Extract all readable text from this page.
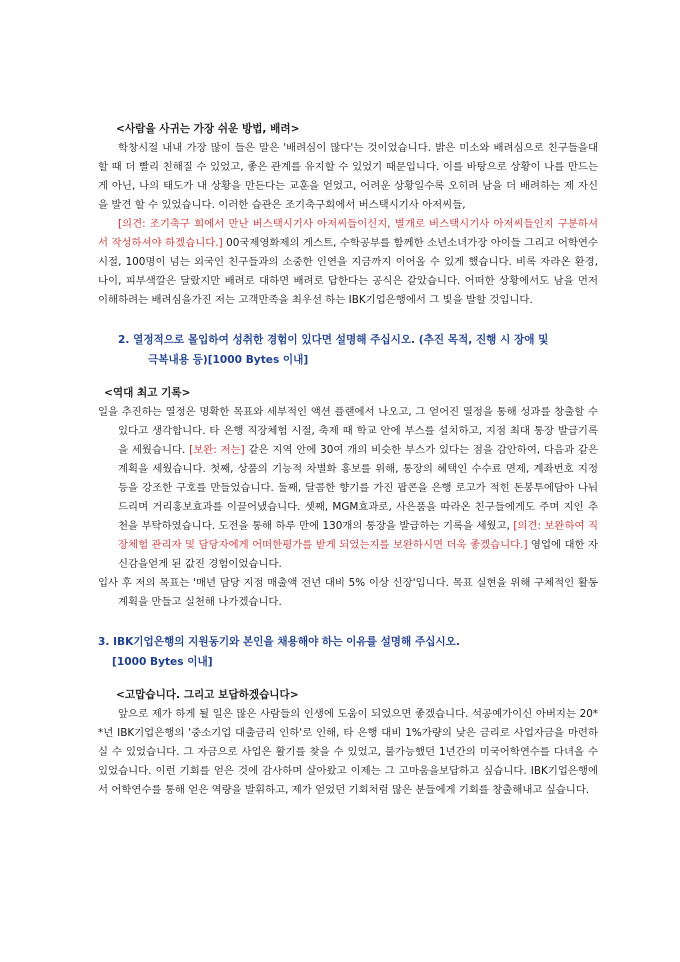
<사람을 사귀는 가장 쉬운 방법, 배려>

학창시절 내내 가장 많이 들은 말은 '배려심이 많다'는 것이었습니다. 밝은 미소와 배려심으로 친구들을대할 때 더 빨리 친해질 수 있었고, 좋은 관계를 유지할 수 있었기 때문입니다. 이를 바탕으로 상황이 나를 만드는 게 아닌, 나의 태도가 내 상황을 만든다는 교훈을 얻었고, 어려운 상황일수록 오히려 남을 더 배려하는 제 자신을 발견 할 수 있었습니다. 이러한 습관은 조기축구회에서 버스택시기사 아저씨들,

[의견: 조기축구 회에서 만난 버스택시기사 아저씨들이신지, 별개로 버스택시기사 아저씨들인지 구분하셔서 작성하셔야 하겠습니다.] 00국제영화제의 게스트, 수학공부를 함께한 소년소녀가장 아이들 그리고 어학연수 시절, 100명이 넘는 외국인 친구들과의 소중한 인연을 지금까지 이어올 수 있게 했습니다. 비록 자라온 환경, 나이, 피부색깔은 달랐지만 배려로 대하면 배려로 답한다는 공식은 같았습니다. 어떠한 상황에서도 남을 먼저 이해하려는 배려심을가진 저는 고객만족을 최우선 하는 IBK기업은행에서 그 빛을 발할 것입니다.

2. 열정적으로 몰입하여 성취한 경험이 있다면 설명해 주십시오. (추진 목적, 진행 시 장애 및
극복내용 등)[1000 Bytes 이내]

<역대 최고 기록>

일을 추진하는 열정은 명확한 목표와 세부적인 액션 플랜에서 나오고, 그 얻어진 열정을 통해 성과를 창출할 수 있다고 생각합니다. 타 은행 직장체험 시절, 축제 때 학교 안에 부스를 설치하고, 지점 최대 통장 발급기록을 세웠습니다. [보완: 저는] 같은 지역 안에 30여 개의 비슷한 부스가 있다는 점을 감안하여, 다음과 같은 계획을 세웠습니다. 첫째, 상품의 기능적 차별화 홍보를 위해, 통장의 혜택인 수수료 면제, 계좌번호 지정 등을 강조한 구호를 만들었습니다. 둘째, 달콤한 향기를 가진 팝콘을 은행 로고가 적힌 돈봉투에담아 나눠드리며 거리홍보효과를 이끌어냈습니다. 셋째, MGM효과로, 사은품을 따라온 친구들에게도 주며 지인 추천을 부탁하였습니다. 도전을 통해 하루 만에 130개의 통장을 발급하는 기록을 세웠고, [의견: 보완하여 직장체험 관리자 및 담당자에게 어떠한평가를 받게 되었는지를 보완하시면 더욱 좋겠습니다.] 영업에 대한 자신감을얻게 된 값진 경험이었습니다.

입사 후 저의 목표는 '매년 담당 지점 매출액 전년 대비 5% 이상 신장'입니다. 목표 실현을 위해 구체적인 활동 계획을 만들고 실천해 나가겠습니다.

3. IBK기업은행의 지원동기와 본인을 채용해야 하는 이유를 설명해 주십시오.

[1000 Bytes 이내]

<고맙습니다. 그리고 보답하겠습니다>

앞으로 제가 하게 될 일은 많은 사람들의 인생에 도움이 되었으면 좋겠습니다. 석공예가이신 아버지는 20**년 IBK기업은행의 '중소기업 대출금리 인하'로 인해, 타 은행 대비 1%가량의 낮은 금리로 사업자금을 마련하실 수 있었습니다. 그 자금으로 사업은 활기를 찾을 수 있었고, 불가능했던 1년간의 미국어학연수를 다녀올 수 있었습니다. 이런 기회를 얻은 것에 감사하며 살아왔고 이제는 그 고마움을보답하고 싶습니다. IBK기업은행에서 어학연수를 통해 얻은 역량을 발휘하고, 제가 얻었던 기회처럼 많은 분들에게 기회를 창출해내고 싶습니다.
